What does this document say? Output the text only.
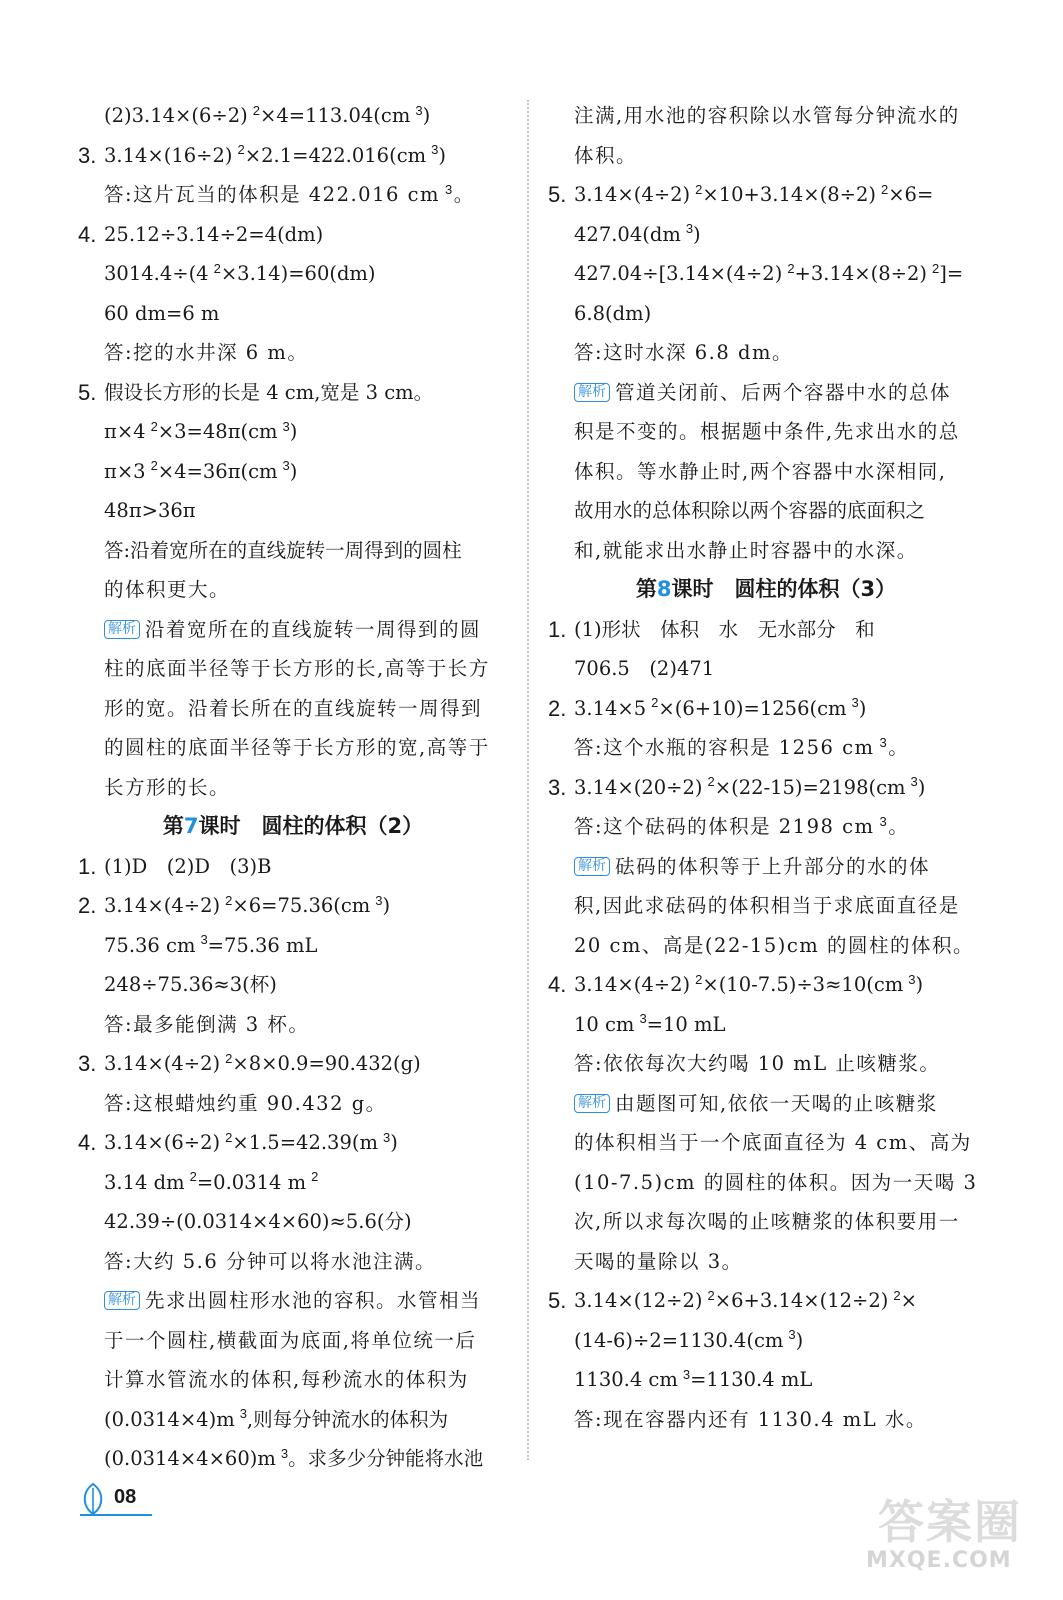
(2)3.14×(6÷2) $^2$×4=113.04(cm $^3$)
3. 3.14×(16÷2) $^2$×2.1=422.016(cm $^3$)
答:这片瓦当的体积是 422.016 cm $^3$。
4. 25.12÷3.14÷2=4(dm)
3014.4÷(4 $^2$×3.14)=60(dm)
60 dm=6 m
答:挖的水井深 6 m。
5. 假设长方形的长是 4 cm,宽是 3 cm。
π×4 $^2$×3=48π(cm $^3$)
π×3 $^2$×4=36π(cm $^3$)
48π>36π
答:沿着宽所在的直线旋转一周得到的圆柱
的体积更大。
解析 沿着宽所在的直线旋转一周得到的圆
柱的底面半径等于长方形的长,高等于长方
形的宽。沿着长所在的直线旋转一周得到
的圆柱的底面半径等于长方形的宽,高等于
长方形的长。
第7课时　圆柱的体积（2）
1. (1)D　(2)D　(3)B
2. 3.14×(4÷2) $^2$×6=75.36(cm $^3$)
75.36 cm $^3$=75.36 mL
248÷75.36≈3(杯)
答:最多能倒满 3 杯。
3. 3.14×(4÷2) $^2$×8×0.9=90.432(g)
答:这根蜡烛约重 90.432 g。
4. 3.14×(6÷2) $^2$×1.5=42.39(m $^3$)
3.14 dm $^2$=0.0314 m $^2$
42.39÷(0.0314×4×60)≈5.6(分)
答:大约 5.6 分钟可以将水池注满。
解析 先求出圆柱形水池的容积。水管相当
于一个圆柱,横截面为底面,将单位统一后
计算水管流水的体积,每秒流水的体积为
(0.0314×4)m $^3$,则每分钟流水的体积为
(0.0314×4×60)m $^3$。求多少分钟能将水池
注满,用水池的容积除以水管每分钟流水的
体积。
5. 3.14×(4÷2) $^2$×10+3.14×(8÷2) $^2$×6=
427.04(dm $^3$)
427.04÷[3.14×(4÷2) $^2$+3.14×(8÷2) $^2$]=
6.8(dm)
答:这时水深 6.8 dm。
解析 管道关闭前、后两个容器中水的总体
积是不变的。根据题中条件,先求出水的总
体积。等水静止时,两个容器中水深相同,
故用水的总体积除以两个容器的底面积之
和,就能求出水静止时容器中的水深。
第8课时　圆柱的体积（3）
1. (1)形状　体积　水　无水部分　和
706.5　(2)471
2. 3.14×5 $^2$×(6+10)=1256(cm $^3$)
答:这个水瓶的容积是 1256 cm $^3$。
3. 3.14×(20÷2) $^2$×(22-15)=2198(cm $^3$)
答:这个砝码的体积是 2198 cm $^3$。
解析 砝码的体积等于上升部分的水的体
积,因此求砝码的体积相当于求底面直径是
20 cm、高是(22-15)cm 的圆柱的体积。
4. 3.14×(4÷2) $^2$×(10-7.5)÷3≈10(cm $^3$)
10 cm $^3$=10 mL
答:依依每次大约喝 10 mL 止咳糖浆。
解析 由题图可知,依依一天喝的止咳糖浆
的体积相当于一个底面直径为 4 cm、高为
(10-7.5)cm 的圆柱的体积。因为一天喝 3
次,所以求每次喝的止咳糖浆的体积要用一
天喝的量除以 3。
5. 3.14×(12÷2) $^2$×6+3.14×(12÷2) $^2$×
(14-6)÷2=1130.4(cm $^3$)
1130.4 cm $^3$=1130.4 mL
答:现在容器内还有 1130.4 mL 水。
08	答案圈
MXQE.COM
